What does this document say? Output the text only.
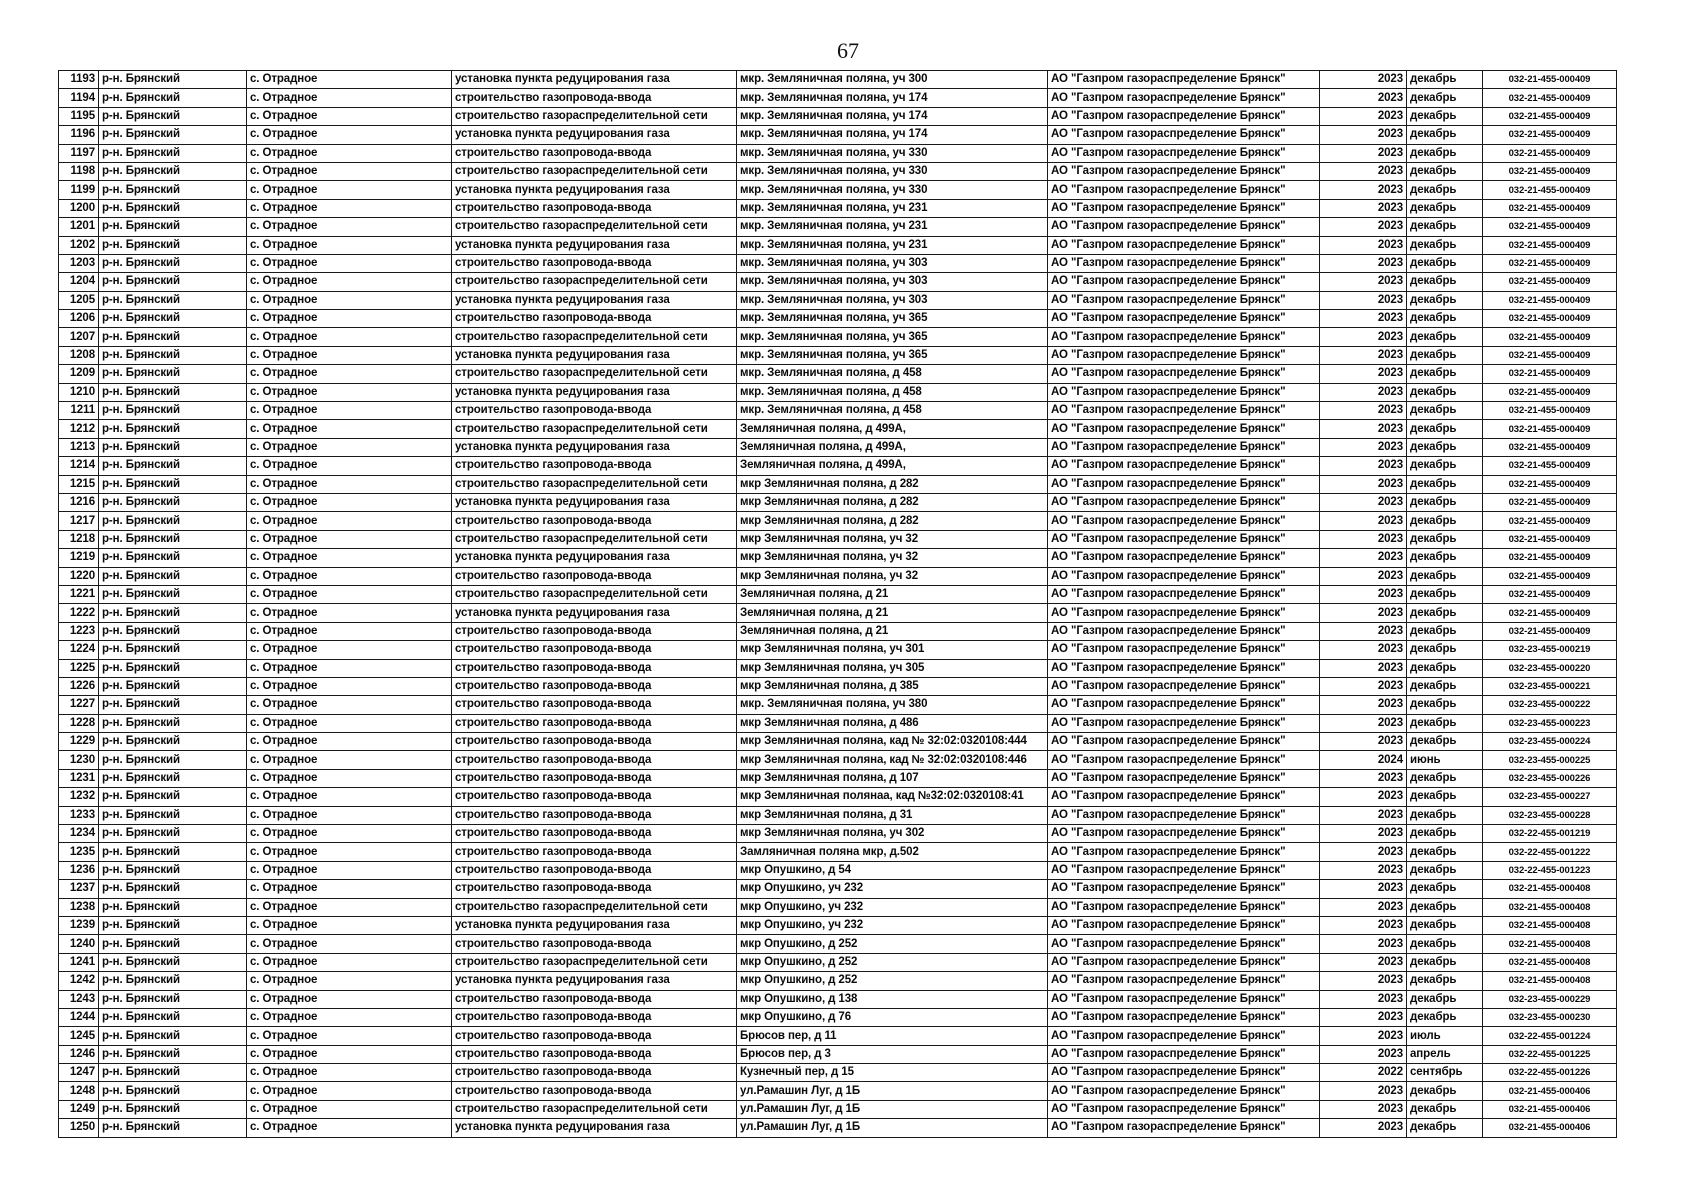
67
1193	р-н. Брянский	с. Отрадное	установка пункта редуцирования газа	мкр. Земляничная поляна, уч 300	АО "Газпром газораспределение Брянск"	2023	декабрь	032-21-455-000409
1194	р-н. Брянский	с. Отрадное	строительство газопровода-ввода	мкр. Земляничная поляна, уч 174	АО "Газпром газораспределение Брянск"	2023	декабрь	032-21-455-000409
1195	р-н. Брянский	с. Отрадное	строительство газораспределительной сети	мкр. Земляничная поляна, уч 174	АО "Газпром газораспределение Брянск"	2023	декабрь	032-21-455-000409
1196	р-н. Брянский	с. Отрадное	установка пункта редуцирования газа	мкр. Земляничная поляна, уч 174	АО "Газпром газораспределение Брянск"	2023	декабрь	032-21-455-000409
1197	р-н. Брянский	с. Отрадное	строительство газопровода-ввода	мкр. Земляничная поляна, уч 330	АО "Газпром газораспределение Брянск"	2023	декабрь	032-21-455-000409
1198	р-н. Брянский	с. Отрадное	строительство газораспределительной сети	мкр. Земляничная поляна, уч 330	АО "Газпром газораспределение Брянск"	2023	декабрь	032-21-455-000409
1199	р-н. Брянский	с. Отрадное	установка пункта редуцирования газа	мкр. Земляничная поляна, уч 330	АО "Газпром газораспределение Брянск"	2023	декабрь	032-21-455-000409
1200	р-н. Брянский	с. Отрадное	строительство газопровода-ввода	мкр. Земляничная поляна, уч 231	АО "Газпром газораспределение Брянск"	2023	декабрь	032-21-455-000409
1201	р-н. Брянский	с. Отрадное	строительство газораспределительной сети	мкр. Земляничная поляна, уч 231	АО "Газпром газораспределение Брянск"	2023	декабрь	032-21-455-000409
1202	р-н. Брянский	с. Отрадное	установка пункта редуцирования газа	мкр. Земляничная поляна, уч 231	АО "Газпром газораспределение Брянск"	2023	декабрь	032-21-455-000409
1203	р-н. Брянский	с. Отрадное	строительство газопровода-ввода	мкр. Земляничная поляна, уч 303	АО "Газпром газораспределение Брянск"	2023	декабрь	032-21-455-000409
1204	р-н. Брянский	с. Отрадное	строительство газораспределительной сети	мкр. Земляничная поляна, уч 303	АО "Газпром газораспределение Брянск"	2023	декабрь	032-21-455-000409
1205	р-н. Брянский	с. Отрадное	установка пункта редуцирования газа	мкр. Земляничная поляна, уч 303	АО "Газпром газораспределение Брянск"	2023	декабрь	032-21-455-000409
1206	р-н. Брянский	с. Отрадное	строительство газопровода-ввода	мкр. Земляничная поляна, уч 365	АО "Газпром газораспределение Брянск"	2023	декабрь	032-21-455-000409
1207	р-н. Брянский	с. Отрадное	строительство газораспределительной сети	мкр. Земляничная поляна, уч 365	АО "Газпром газораспределение Брянск"	2023	декабрь	032-21-455-000409
1208	р-н. Брянский	с. Отрадное	установка пункта редуцирования газа	мкр. Земляничная поляна, уч 365	АО "Газпром газораспределение Брянск"	2023	декабрь	032-21-455-000409
1209	р-н. Брянский	с. Отрадное	строительство газораспределительной сети	мкр. Земляничная поляна, д 458	АО "Газпром газораспределение Брянск"	2023	декабрь	032-21-455-000409
1210	р-н. Брянский	с. Отрадное	установка пункта редуцирования газа	мкр. Земляничная поляна, д 458	АО "Газпром газораспределение Брянск"	2023	декабрь	032-21-455-000409
1211	р-н. Брянский	с. Отрадное	строительство газопровода-ввода	мкр. Земляничная поляна, д 458	АО "Газпром газораспределение Брянск"	2023	декабрь	032-21-455-000409
1212	р-н. Брянский	с. Отрадное	строительство газораспределительной сети	Земляничная поляна, д 499А,	АО "Газпром газораспределение Брянск"	2023	декабрь	032-21-455-000409
1213	р-н. Брянский	с. Отрадное	установка пункта редуцирования газа	Земляничная поляна, д 499А,	АО "Газпром газораспределение Брянск"	2023	декабрь	032-21-455-000409
1214	р-н. Брянский	с. Отрадное	строительство газопровода-ввода	Земляничная поляна, д 499А,	АО "Газпром газораспределение Брянск"	2023	декабрь	032-21-455-000409
1215	р-н. Брянский	с. Отрадное	строительство газораспределительной сети	мкр Земляничная поляна, д 282	АО "Газпром газораспределение Брянск"	2023	декабрь	032-21-455-000409
1216	р-н. Брянский	с. Отрадное	установка пункта редуцирования газа	мкр Земляничная поляна, д 282	АО "Газпром газораспределение Брянск"	2023	декабрь	032-21-455-000409
1217	р-н. Брянский	с. Отрадное	строительство газопровода-ввода	мкр Земляничная поляна, д 282	АО "Газпром газораспределение Брянск"	2023	декабрь	032-21-455-000409
1218	р-н. Брянский	с. Отрадное	строительство газораспределительной сети	мкр Земляничная поляна, уч 32	АО "Газпром газораспределение Брянск"	2023	декабрь	032-21-455-000409
1219	р-н. Брянский	с. Отрадное	установка пункта редуцирования газа	мкр Земляничная поляна, уч 32	АО "Газпром газораспределение Брянск"	2023	декабрь	032-21-455-000409
1220	р-н. Брянский	с. Отрадное	строительство газопровода-ввода	мкр Земляничная поляна, уч 32	АО "Газпром газораспределение Брянск"	2023	декабрь	032-21-455-000409
1221	р-н. Брянский	с. Отрадное	строительство газораспределительной сети	Земляничная поляна, д 21	АО "Газпром газораспределение Брянск"	2023	декабрь	032-21-455-000409
1222	р-н. Брянский	с. Отрадное	установка пункта редуцирования газа	Земляничная поляна, д 21	АО "Газпром газораспределение Брянск"	2023	декабрь	032-21-455-000409
1223	р-н. Брянский	с. Отрадное	строительство газопровода-ввода	Земляничная поляна, д 21	АО "Газпром газораспределение Брянск"	2023	декабрь	032-21-455-000409
1224	р-н. Брянский	с. Отрадное	строительство газопровода-ввода	мкр Земляничная поляна, уч 301	АО "Газпром газораспределение Брянск"	2023	декабрь	032-23-455-000219
1225	р-н. Брянский	с. Отрадное	строительство газопровода-ввода	мкр Земляничная поляна, уч 305	АО "Газпром газораспределение Брянск"	2023	декабрь	032-23-455-000220
1226	р-н. Брянский	с. Отрадное	строительство газопровода-ввода	мкр Земляничная поляна, д 385	АО "Газпром газораспределение Брянск"	2023	декабрь	032-23-455-000221
1227	р-н. Брянский	с. Отрадное	строительство газопровода-ввода	мкр. Земляничная поляна, уч 380	АО "Газпром газораспределение Брянск"	2023	декабрь	032-23-455-000222
1228	р-н. Брянский	с. Отрадное	строительство газопровода-ввода	мкр Земляничная поляна, д 486	АО "Газпром газораспределение Брянск"	2023	декабрь	032-23-455-000223
1229	р-н. Брянский	с. Отрадное	строительство газопровода-ввода	мкр Земляничная поляна, кад № 32:02:0320108:444	АО "Газпром газораспределение Брянск"	2023	декабрь	032-23-455-000224
1230	р-н. Брянский	с. Отрадное	строительство газопровода-ввода	мкр Земляничная поляна, кад № 32:02:0320108:446	АО "Газпром газораспределение Брянск"	2024	июнь	032-23-455-000225
1231	р-н. Брянский	с. Отрадное	строительство газопровода-ввода	мкр Земляничная поляна, д 107	АО "Газпром газораспределение Брянск"	2023	декабрь	032-23-455-000226
1232	р-н. Брянский	с. Отрадное	строительство газопровода-ввода	мкр Земляничная полянаа, кад №32:02:0320108:41	АО "Газпром газораспределение Брянск"	2023	декабрь	032-23-455-000227
1233	р-н. Брянский	с. Отрадное	строительство газопровода-ввода	мкр Земляничная поляна, д 31	АО "Газпром газораспределение Брянск"	2023	декабрь	032-23-455-000228
1234	р-н. Брянский	с. Отрадное	строительство газопровода-ввода	мкр Земляничная поляна, уч 302	АО "Газпром газораспределение Брянск"	2023	декабрь	032-22-455-001219
1235	р-н. Брянский	с. Отрадное	строительство газопровода-ввода	Замляничная поляна мкр, д.502	АО "Газпром газораспределение Брянск"	2023	декабрь	032-22-455-001222
1236	р-н. Брянский	с. Отрадное	строительство газопровода-ввода	мкр Опушкино, д 54	АО "Газпром газораспределение Брянск"	2023	декабрь	032-22-455-001223
1237	р-н. Брянский	с. Отрадное	строительство газопровода-ввода	мкр Опушкино, уч 232	АО "Газпром газораспределение Брянск"	2023	декабрь	032-21-455-000408
1238	р-н. Брянский	с. Отрадное	строительство газораспределительной сети	мкр Опушкино, уч 232	АО "Газпром газораспределение Брянск"	2023	декабрь	032-21-455-000408
1239	р-н. Брянский	с. Отрадное	установка пункта редуцирования газа	мкр Опушкино, уч 232	АО "Газпром газораспределение Брянск"	2023	декабрь	032-21-455-000408
1240	р-н. Брянский	с. Отрадное	строительство газопровода-ввода	мкр Опушкино, д 252	АО "Газпром газораспределение Брянск"	2023	декабрь	032-21-455-000408
1241	р-н. Брянский	с. Отрадное	строительство газораспределительной сети	мкр Опушкино, д 252	АО "Газпром газораспределение Брянск"	2023	декабрь	032-21-455-000408
1242	р-н. Брянский	с. Отрадное	установка пункта редуцирования газа	мкр Опушкино, д 252	АО "Газпром газораспределение Брянск"	2023	декабрь	032-21-455-000408
1243	р-н. Брянский	с. Отрадное	строительство газопровода-ввода	мкр Опушкино, д 138	АО "Газпром газораспределение Брянск"	2023	декабрь	032-23-455-000229
1244	р-н. Брянский	с. Отрадное	строительство газопровода-ввода	мкр Опушкино, д 76	АО "Газпром газораспределение Брянск"	2023	декабрь	032-23-455-000230
1245	р-н. Брянский	с. Отрадное	строительство газопровода-ввода	Брюсов пер, д 11	АО "Газпром газораспределение Брянск"	2023	июль	032-22-455-001224
1246	р-н. Брянский	с. Отрадное	строительство газопровода-ввода	Брюсов пер, д 3	АО "Газпром газораспределение Брянск"	2023	апрель	032-22-455-001225
1247	р-н. Брянский	с. Отрадное	строительство газопровода-ввода	Кузнечный пер, д 15	АО "Газпром газораспределение Брянск"	2022	сентябрь	032-22-455-001226
1248	р-н. Брянский	с. Отрадное	строительство газопровода-ввода	ул.Рамашин Луг, д 1Б	АО "Газпром газораспределение Брянск"	2023	декабрь	032-21-455-000406
1249	р-н. Брянский	с. Отрадное	строительство газораспределительной сети	ул.Рамашин Луг, д 1Б	АО "Газпром газораспределение Брянск"	2023	декабрь	032-21-455-000406
1250	р-н. Брянский	с. Отрадное	установка пункта редуцирования газа	ул.Рамашин Луг, д 1Б	АО "Газпром газораспределение Брянск"	2023	декабрь	032-21-455-000406
